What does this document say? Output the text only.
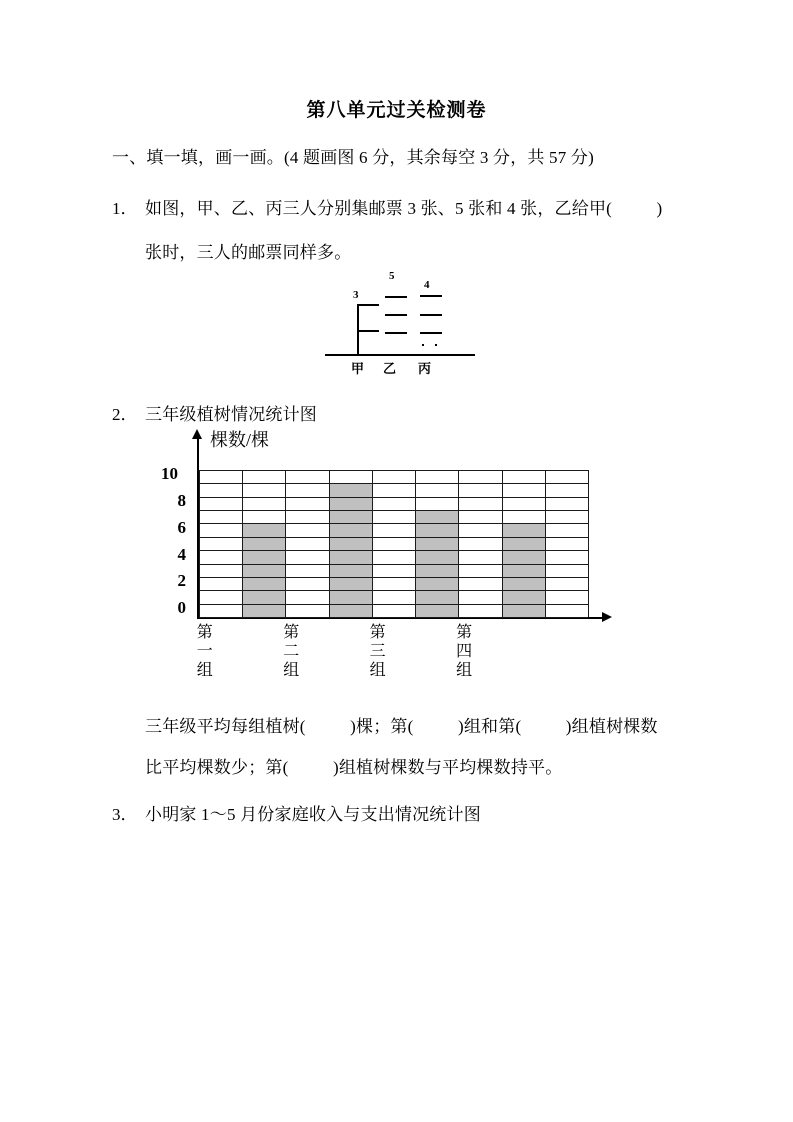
第八单元过关检测卷
一、填一填，画一画。(4 题画图 6 分，其余每空 3 分，共 57 分)
1． 如图，甲、乙、丙三人分别集邮票 3 张、5 张和 4 张，乙给甲(          )
张时，三人的邮票同样多。
3
甲
5
乙
4
丙
2． 三年级植树情况统计图
棵数/棵
0
2
4
6
8
10
第
一
组
第
二
组
第
三
组
第
四
组
三年级平均每组植树(          )棵；第(          )组和第(          )组植树棵数
比平均棵数少；第(          )组植树棵数与平均棵数持平。
3． 小明家 1～5 月份家庭收入与支出情况统计图
